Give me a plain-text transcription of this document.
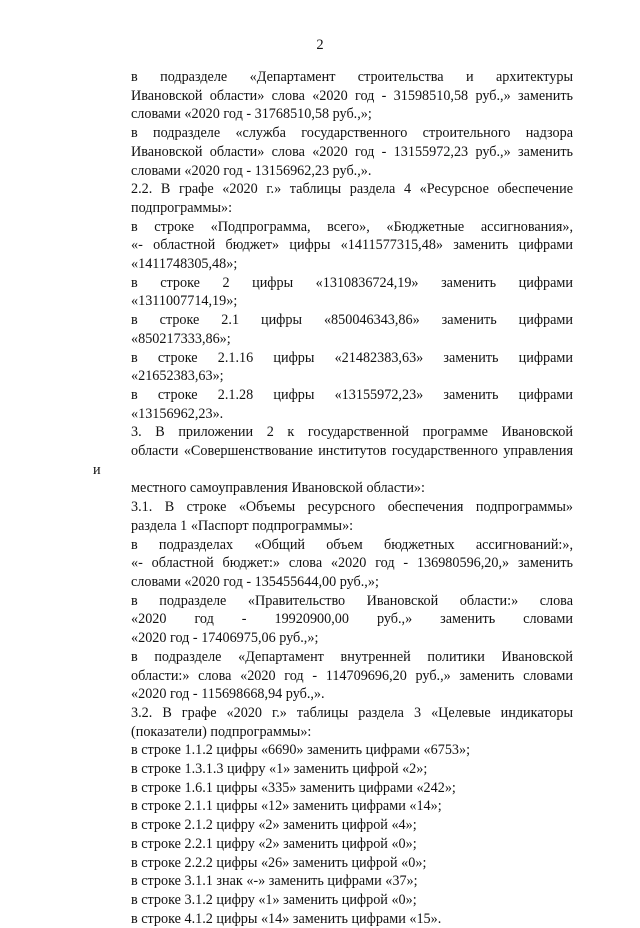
2
в подразделе «Департамент строительства и архитектуры
Ивановской области» слова «2020 год - 31598510,58 руб.,» заменить
словами «2020 год - 31768510,58 руб.,»;
в подразделе «служба государственного строительного надзора
Ивановской области» слова «2020 год - 13155972,23 руб.,» заменить
словами «2020 год - 13156962,23 руб.,».
2.2. В графе «2020 г.» таблицы раздела 4 «Ресурсное обеспечение
подпрограммы»:
в строке «Подпрограмма, всего», «Бюджетные ассигнования»,
«- областной бюджет» цифры «1411577315,48» заменить цифрами
«1411748305,48»;
в строке 2 цифры «1310836724,19» заменить цифрами
«1311007714,19»;
в строке 2.1 цифры «850046343,86» заменить цифрами
«850217333,86»;
в строке 2.1.16 цифры «21482383,63» заменить цифрами
«21652383,63»;
в строке 2.1.28 цифры «13155972,23» заменить цифрами
«13156962,23».
3. В приложении 2 к государственной программе Ивановской
области «Совершенствование институтов государственного управления и
местного самоуправления Ивановской области»:
3.1. В строке «Объемы ресурсного обеспечения подпрограммы»
раздела 1 «Паспорт подпрограммы»:
в подразделах «Общий объем бюджетных ассигнований:»,
«- областной бюджет:» слова «2020 год - 136980596,20,» заменить
словами «2020 год - 135455644,00 руб.,»;
в подразделе «Правительство Ивановской области:» слова
«2020 год - 19920900,00 руб.,» заменить словами
«2020 год - 17406975,06 руб.,»;
в подразделе «Департамент внутренней политики Ивановской
области:» слова «2020 год - 114709696,20 руб.,» заменить словами
«2020 год - 115698668,94 руб.,».
3.2. В графе «2020 г.» таблицы раздела 3 «Целевые индикаторы
(показатели) подпрограммы»:
в строке 1.1.2 цифры «6690» заменить цифрами «6753»;
в строке 1.3.1.3 цифру «1» заменить цифрой «2»;
в строке 1.6.1 цифры «335» заменить цифрами «242»;
в строке 2.1.1 цифры «12» заменить цифрами «14»;
в строке 2.1.2 цифру «2» заменить цифрой «4»;
в строке 2.2.1 цифру «2» заменить цифрой «0»;
в строке 2.2.2 цифры «26» заменить цифрой «0»;
в строке 3.1.1 знак «-» заменить цифрами «37»;
в строке 3.1.2 цифру «1» заменить цифрой «0»;
в строке 4.1.2 цифры «14» заменить цифрами «15».
